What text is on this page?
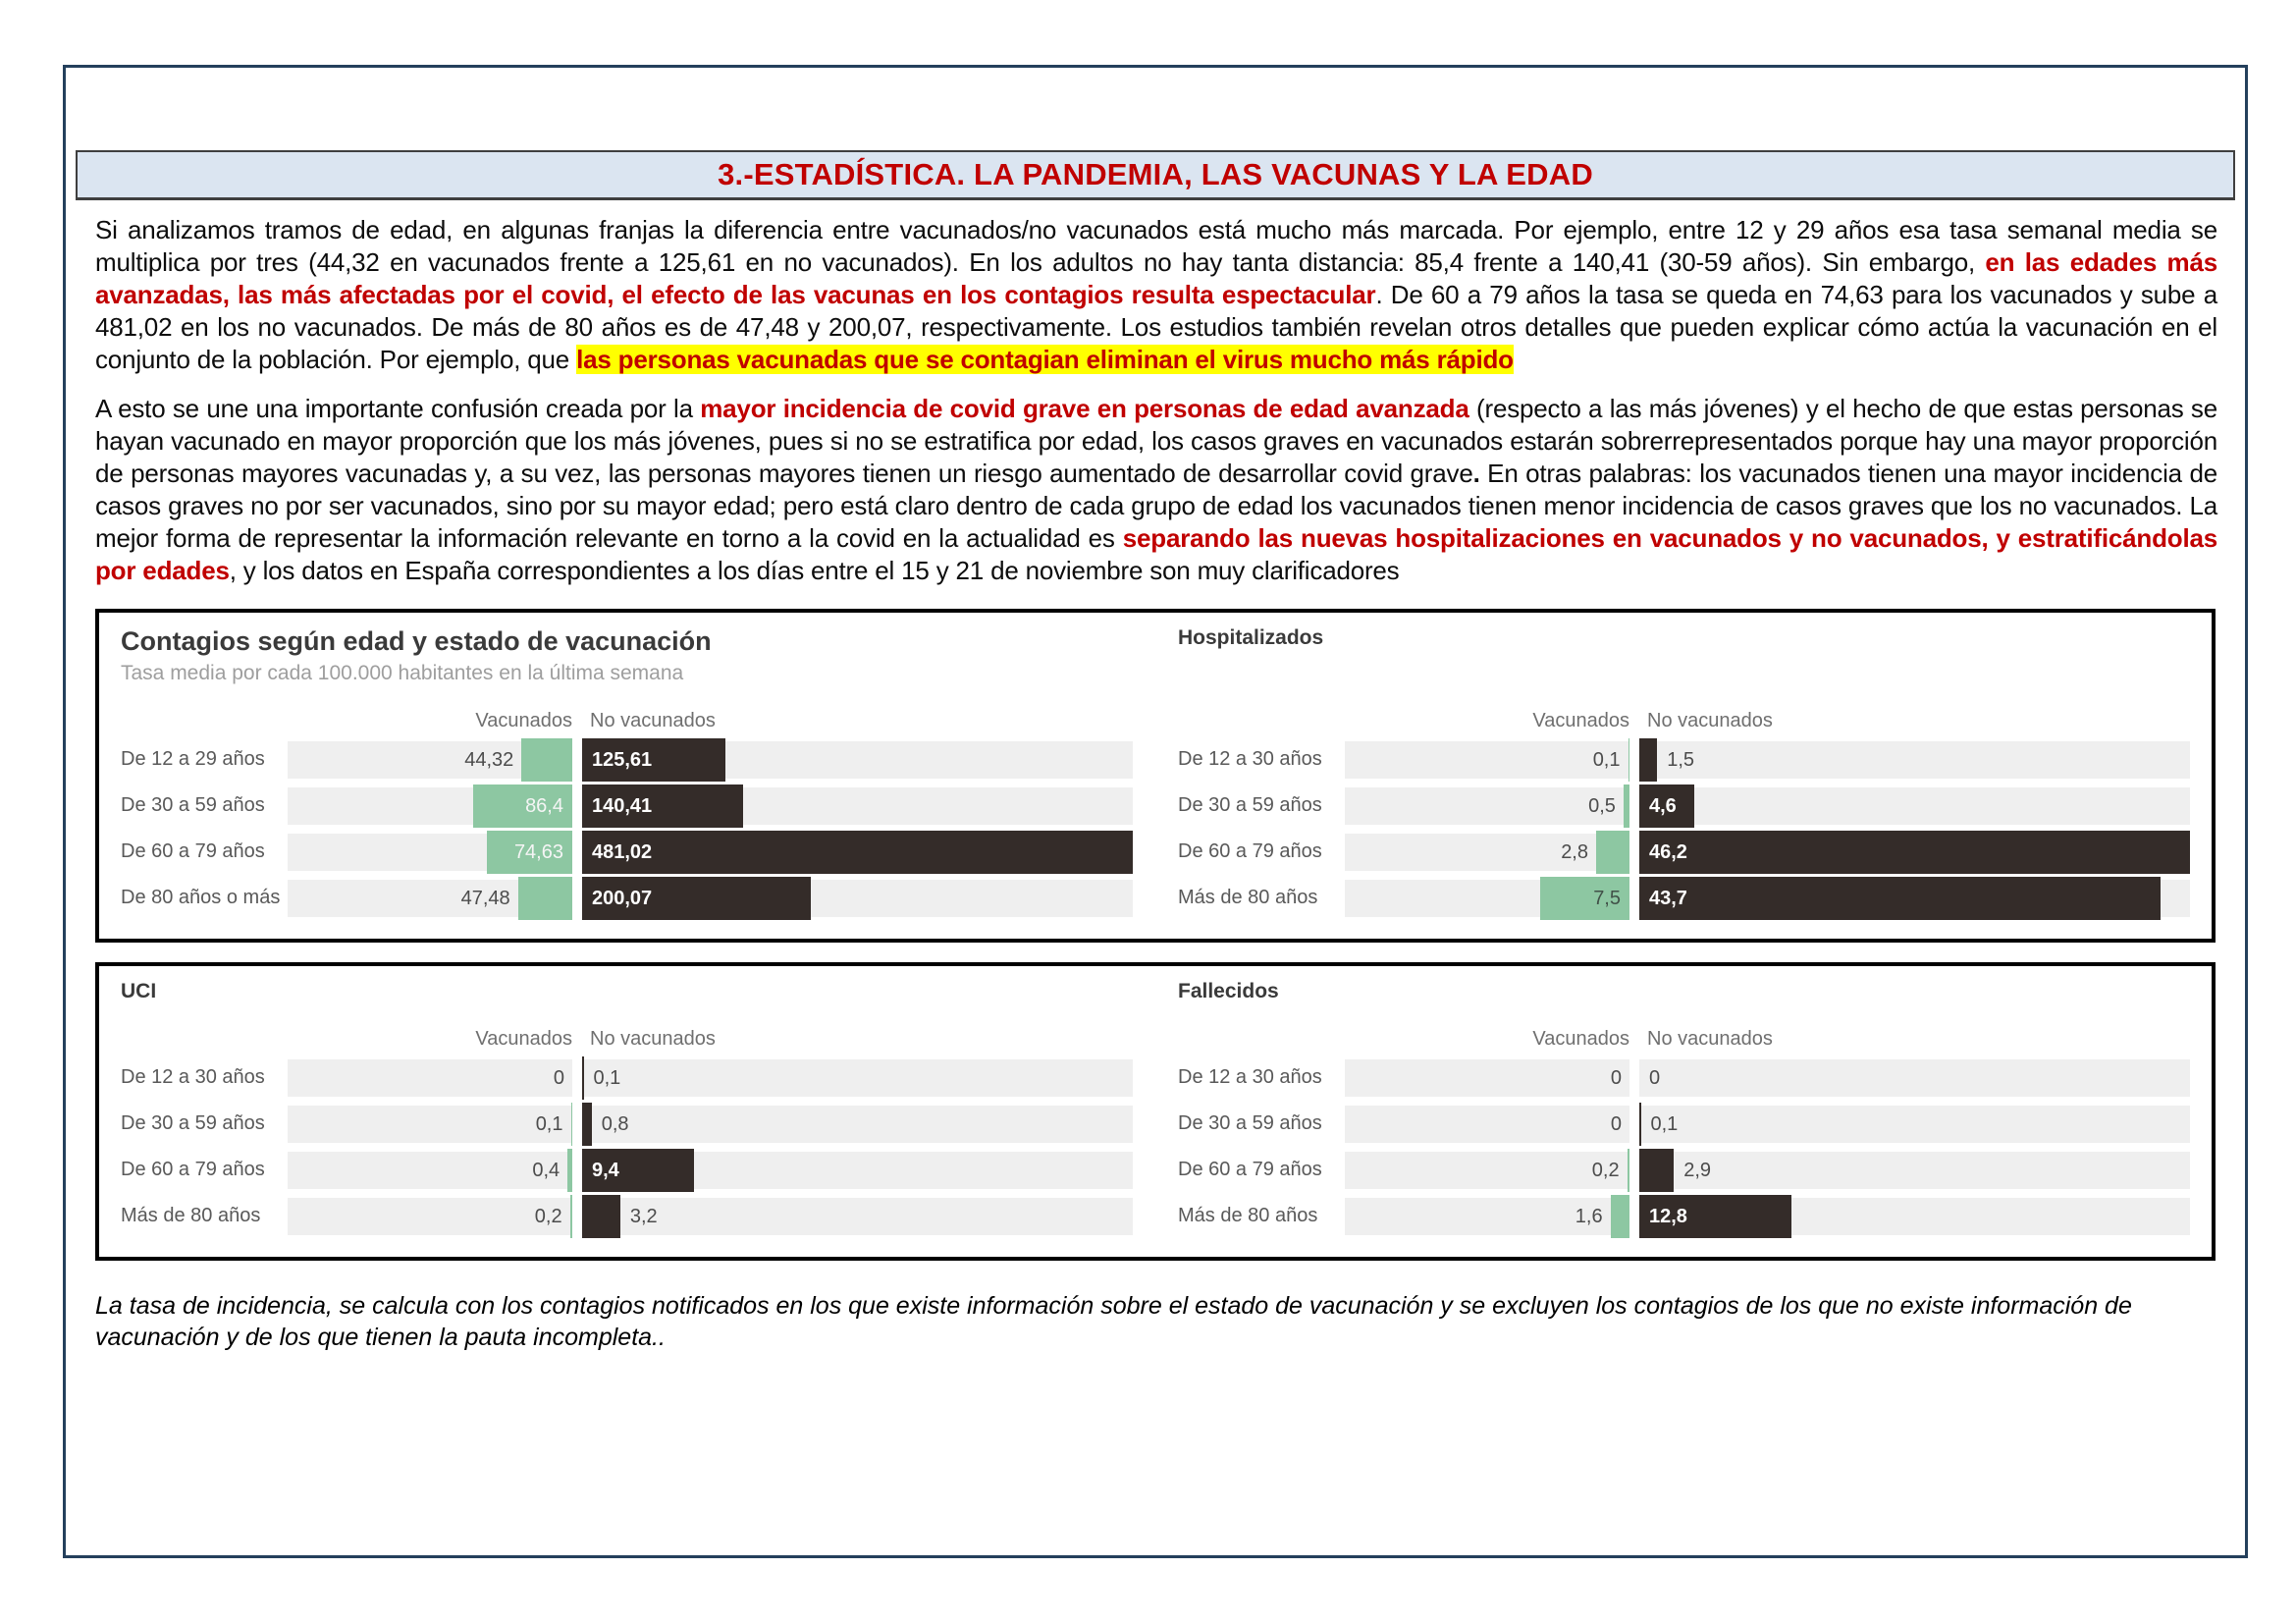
3.-ESTADÍSTICA. LA PANDEMIA, LAS VACUNAS Y LA EDAD

Si analizamos tramos de edad, en algunas franjas la diferencia entre vacunados/no vacunados está mucho más marcada. Por ejemplo, entre 12 y 29 años esa tasa semanal media se multiplica por tres (44,32 en vacunados frente a 125,61 en no vacunados). En los adultos no hay tanta distancia: 85,4 frente a 140,41 (30-59 años). Sin embargo, en las edades más avanzadas, las más afectadas por el covid, el efecto de las vacunas en los contagios resulta espectacular. De 60 a 79 años la tasa se queda en 74,63 para los vacunados y sube a 481,02 en los no vacunados. De más de 80 años es de 47,48 y 200,07, respectivamente. Los estudios también revelan otros detalles que pueden explicar cómo actúa la vacunación en el conjunto de la población. Por ejemplo, que las personas vacunadas que se contagian eliminan el virus mucho más rápido

A esto se une una importante confusión creada por la mayor incidencia de covid grave en personas de edad avanzada (respecto a las más jóvenes) y el hecho de que estas personas se hayan vacunado en mayor proporción que los más jóvenes, pues si no se estratifica por edad, los casos graves en vacunados estarán sobrerrepresentados porque hay una mayor proporción de personas mayores vacunadas y, a su vez, las personas mayores tienen un riesgo aumentado de desarrollar covid grave. En otras palabras: los vacunados tienen una mayor incidencia de casos graves no por ser vacunados, sino por su mayor edad; pero está claro dentro de cada grupo de edad los vacunados tienen menor incidencia de casos graves que los no vacunados. La mejor forma de representar la información relevante en torno a la covid en la actualidad es separando las nuevas hospitalizaciones en vacunados y no vacunados, y estratificándolas por edades, y los datos en España correspondientes a los días entre el 15 y 21 de noviembre son muy clarificadores

Contagios según edad y estado de vacunación
Tasa media por cada 100.000 habitantes en la última semana
Vacunados No vacunados
De 12 a 29 años	44,32	125,61
De 30 a 59 años	86,4 140,41
De 60 a 79 años	74,63 481,02
De 80 años o más	47,48	200,07
Hospitalizados
Vacunados No vacunados
De 12 a 30 años	0,1 1,5
De 30 a 59 años	0,5 4,6
De 60 a 79 años	2,8	46,2
Más de 80 años	7,5 43,7
UCI
Vacunados No vacunados
De 12 a 30 años	0 0,1
De 30 a 59 años	0,1 0,8
De 60 a 79 años	0,4 9,4
Más de 80 años	0,2	3,2
Fallecidos
Vacunados No vacunados
De 12 a 30 años	0 0
De 30 a 59 años	0 0,1
De 60 a 79 años	0,2	2,9
Más de 80 años	1,6 12,8

La tasa de incidencia, se calcula con los contagios notificados en los que existe información sobre el estado de vacunación y se excluyen los contagios de los que no existe información de vacunación y de los que tienen la pauta incompleta..
